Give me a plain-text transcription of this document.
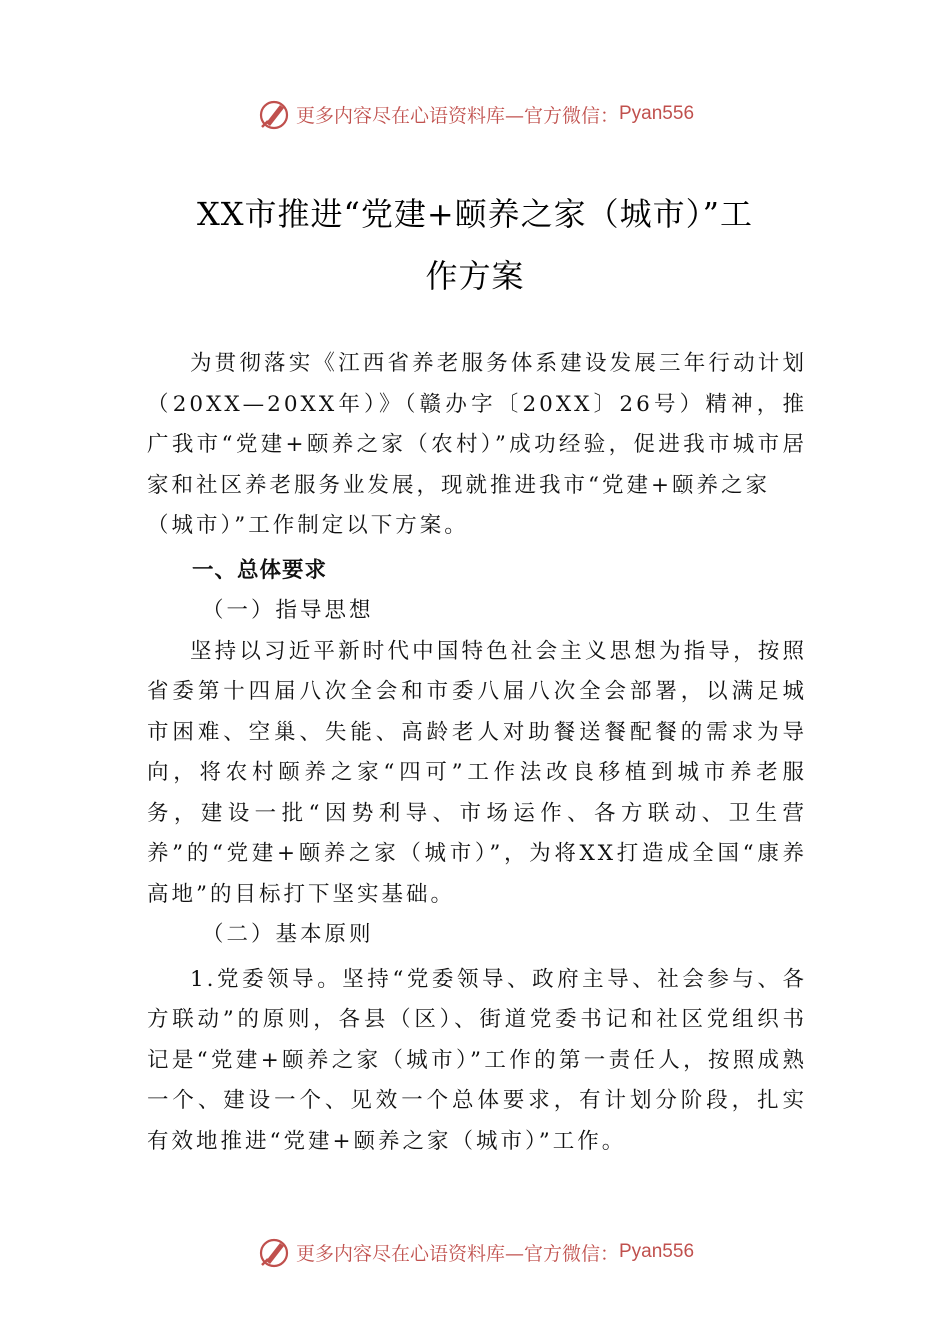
更多内容尽在心语资料库—官方微信： Pyan556
XX市推进“党建+颐养之家（城市）”工
作方案

为贯彻落实《江西省养老服务体系建设发展三年行动计划（20XX—20XX年）》（赣办字〔20XX〕26号）精神，推广我市“党建+颐养之家（农村）”成功经验，促进我市城市居家和社区养老服务业发展，现就推进我市“党建+颐养之家

（城市）”工作制定以下方案。

一、总体要求

（一）指导思想

坚持以习近平新时代中国特色社会主义思想为指导，按照省委第十四届八次全会和市委八届八次全会部署，以满足城市困难、空巢、失能、高龄老人对助餐送餐配餐的需求为导向，将农村颐养之家“四可”工作法改良移植到城市养老服务，建设一批“因势利导、市场运作、各方联动、卫生营养”的“党建+颐养之家（城市）”，为将XX打造成全国“康养高地”的目标打下坚实基础。

（二）基本原则

1.党委领导。坚持“党委领导、政府主导、社会参与、各方联动”的原则，各县（区）、街道党委书记和社区党组织书记是“党建+颐养之家（城市）”工作的第一责任人，按照成熟一个、建设一个、见效一个总体要求，有计划分阶段，扎实有效地推进“党建+颐养之家（城市）”工作。

更多内容尽在心语资料库—官方微信： Pyan556
